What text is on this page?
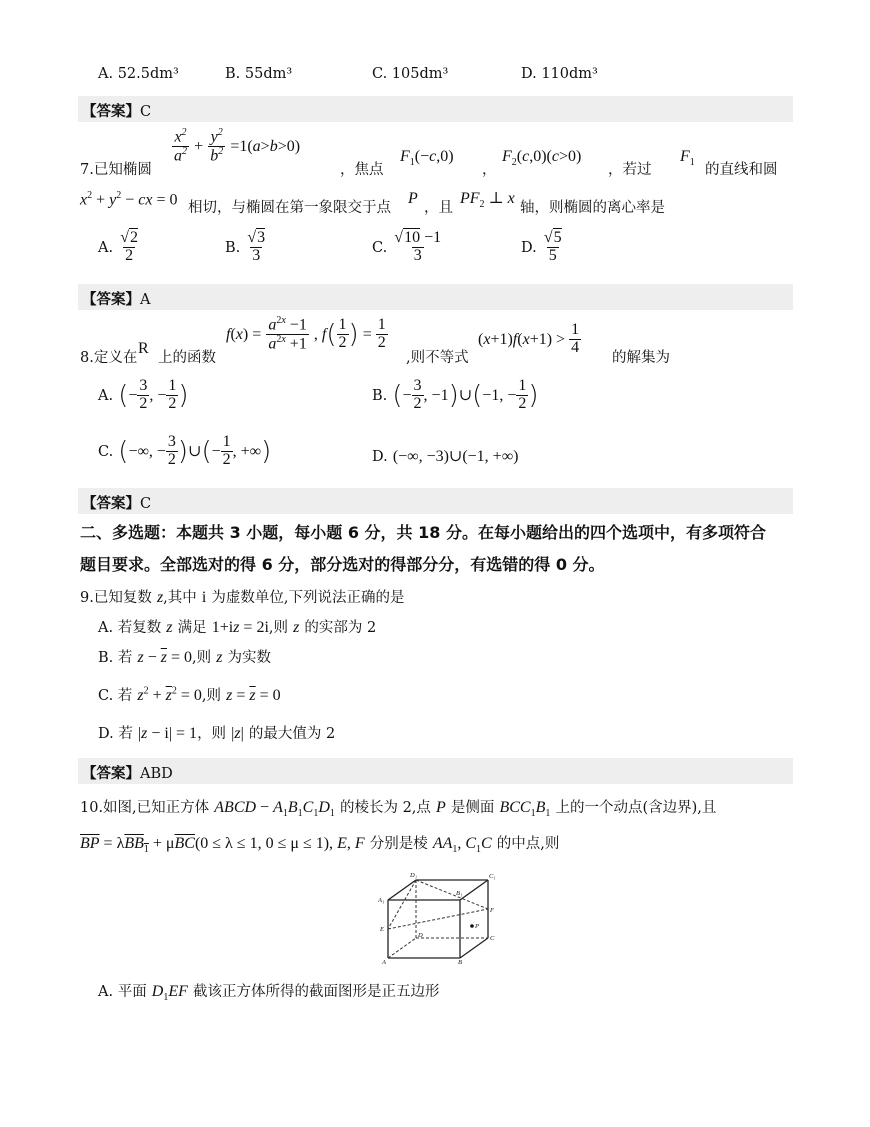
A. 52.5dm³	B. 55dm³	C. 105dm³	D. 110dm³
【答案】C
7.已知椭圆
$\frac{x^2}{a^2} + \frac{y^2}{b^2} =1(a>b>0)$
，焦点
$F_1(-c,0)$
，
$F_2(c,0)(c>0)$
，若过
$F_1$ 的直线和圆
$x^2 + y^2$ − cx = 0 相切，与椭圆在第一象限交于点
P
，且
$PF_2$ ⊥ x
轴，则椭圆的离心率是
A. $\frac{√2}{2}$	B. $\frac{√3}{3}$	C. $\frac{√10 -1}{3}$	D. $\frac{√5}{5}$
【答案】A
8.定义在
R
上的函数
$f(x) = \frac{a^{2x} -1}{a^{2x} +1}$ , $f( \frac{1}{2}$ ) = $\frac{1}{2}$
,则不等式
$(x+1)f(x+1) > \frac{1}{4}$
的解集为
A. (− $\frac{3}{2}$ , − $\frac{1}{2}$ )	B. (− $\frac{3}{2}$ , −1)∪(−1, − $\frac{1}{2}$ )
C. (−∞, − $\frac{3}{2}$ )∪(− $\frac{1}{2}$ , +∞)	D. (−∞, −3)∪(−1, +∞)
【答案】C
二、多选题：本题共 3 小题，每小题 6 分，共 18 分。在每小题给出的四个选项中，有多项符合
题目要求。全部选对的得 6 分，部分选对的得部分分，有选错的得 0 分。
9.已知复数 z,其中 i 为虚数单位,下列说法正确的是
A. 若复数 z 满足 1+iz = 2i,则 z 的实部为 2
B. 若 $z - \overline{z} = 0$,则 z 为实数
C. 若 $z^2 + \overline{z}^2 = 0$,则 $z = \overline{z} = 0$
D. 若 |z − i| = 1，则 |z| 的最大值为 2
【答案】ABD
10.如图,已知正方体 ABCD − $A_1B_1C_1D_1$ 的棱长为 2,点 P 是侧面 $BCC_1B_1$ 上的一个动点(含边界),且
$\overline{BP} = \lambda BB_1 + \mu\overline{BC}(0 \le \lambda \le 1$, 0 ≤ μ ≤ 1), E, F 分别是棱 $AA_1$, $C_1C$ 的中点,则
D₁
B₁
C₁
A₁
F
E
D
P
C
A	B
A. 平面 $D_1EF$ 截该正方体所得的截面图形是正五边形
